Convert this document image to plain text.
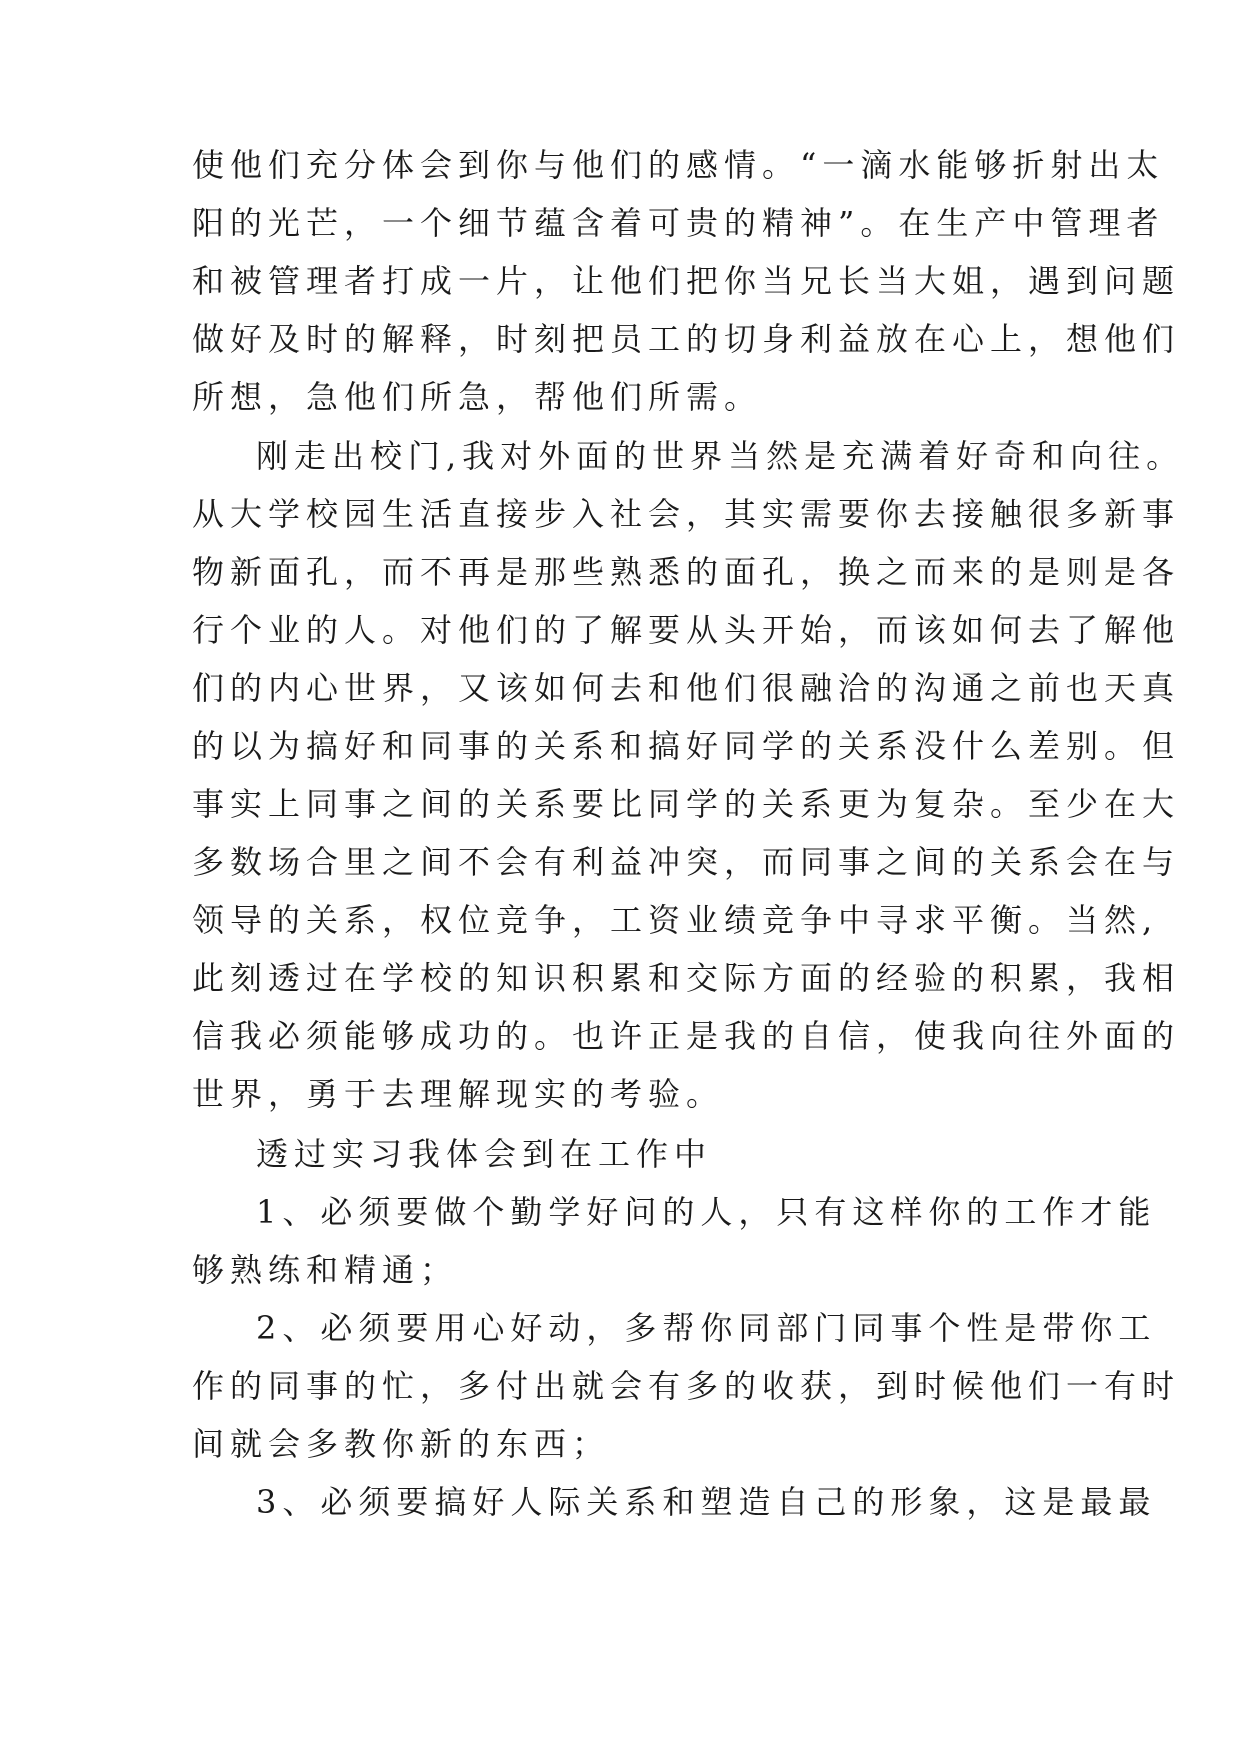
使他们充分体会到你与他们的感情。“一滴水能够折射出太
阳的光芒，一个细节蕴含着可贵的精神”。在生产中管理者
和被管理者打成一片，让他们把你当兄长当大姐，遇到问题
做好及时的解释，时刻把员工的切身利益放在心上，想他们
所想，急他们所急，帮他们所需。
刚走出校门,我对外面的世界当然是充满着好奇和向往。
从大学校园生活直接步入社会，其实需要你去接触很多新事
物新面孔，而不再是那些熟悉的面孔，换之而来的是则是各
行个业的人。对他们的了解要从头开始，而该如何去了解他
们的内心世界，又该如何去和他们很融洽的沟通之前也天真
的以为搞好和同事的关系和搞好同学的关系没什么差别。但
事实上同事之间的关系要比同学的关系更为复杂。至少在大
多数场合里之间不会有利益冲突，而同事之间的关系会在与
领导的关系，权位竞争，工资业绩竞争中寻求平衡。当然,
此刻透过在学校的知识积累和交际方面的经验的积累，我相
信我必须能够成功的。也许正是我的自信，使我向往外面的
世界，勇于去理解现实的考验。
透过实习我体会到在工作中
1、必须要做个勤学好问的人，只有这样你的工作才能
够熟练和精通；
2、必须要用心好动，多帮你同部门同事个性是带你工
作的同事的忙，多付出就会有多的收获，到时候他们一有时
间就会多教你新的东西；
3、必须要搞好人际关系和塑造自己的形象，这是最最
